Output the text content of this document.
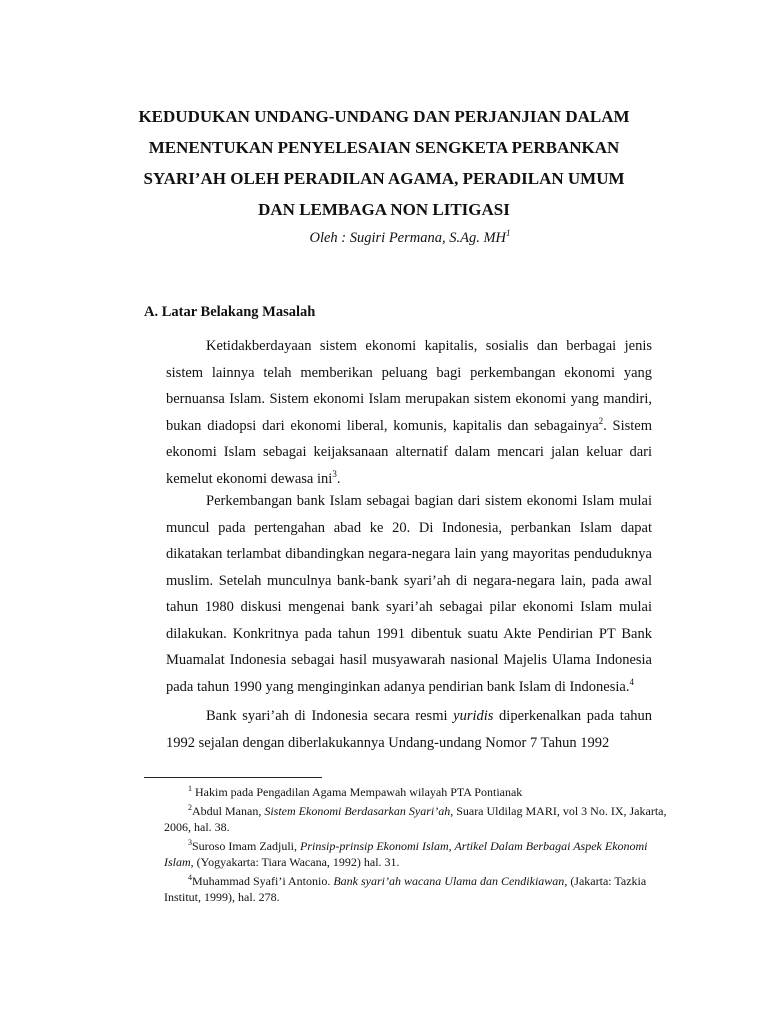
KEDUDUKAN UNDANG-UNDANG DAN PERJANJIAN DALAM
MENENTUKAN PENYELESAIAN SENGKETA PERBANKAN
SYARI’AH OLEH PERADILAN AGAMA, PERADILAN UMUM
DAN LEMBAGA NON LITIGASI
Oleh : Sugiri Permana, S.Ag. $MH^1$
A. Latar Belakang Masalah
Ketidakberdayaan sistem ekonomi kapitalis, sosialis dan berbagai jenis sistem lainnya telah memberikan peluang bagi perkembangan ekonomi yang bernuansa Islam. Sistem ekonomi Islam merupakan sistem ekonomi yang mandiri, bukan diadopsi dari ekonomi liberal, komunis, kapitalis dan sebagainya$^2$. Sistem ekonomi Islam sebagai keijaksanaan alternatif dalam mencari jalan keluar dari kemelut ekonomi dewasa ini$^3$.
Perkembangan bank Islam sebagai bagian dari sistem ekonomi Islam mulai muncul pada pertengahan abad ke 20. Di Indonesia, perbankan Islam dapat dikatakan terlambat dibandingkan negara-negara lain yang mayoritas penduduknya muslim. Setelah munculnya bank-bank syari’ah di negara-negara lain, pada awal tahun 1980 diskusi mengenai bank syari’ah sebagai pilar ekonomi Islam mulai dilakukan. Konkritnya pada tahun 1991 dibentuk suatu Akte Pendirian PT Bank Muamalat Indonesia sebagai hasil musyawarah nasional Majelis Ulama Indonesia pada tahun 1990 yang menginginkan adanya pendirian bank Islam di Indonesia.$^4$
Bank syari’ah di Indonesia secara resmi yuridis diperkenalkan pada tahun 1992 sejalan dengan diberlakukannya Undang-undang Nomor 7 Tahun 1992

$^1$ Hakim pada Pengadilan Agama Mempawah wilayah PTA Pontianak

$^2$Abdul Manan, Sistem Ekonomi Berdasarkan Syari’ah, Suara Uldilag MARI, vol 3 No. IX, Jakarta, 2006, hal. 38.

$^3$Suroso Imam Zadjuli, Prinsip-prinsip Ekonomi Islam, Artikel Dalam Berbagai Aspek Ekonomi Islam, (Yogyakarta: Tiara Wacana, 1992) hal. 31.

$^4$Muhammad Syafi’i Antonio. Bank syari’ah wacana Ulama dan Cendikiawan, (Jakarta: Tazkia Institut, 1999), hal. 278.
